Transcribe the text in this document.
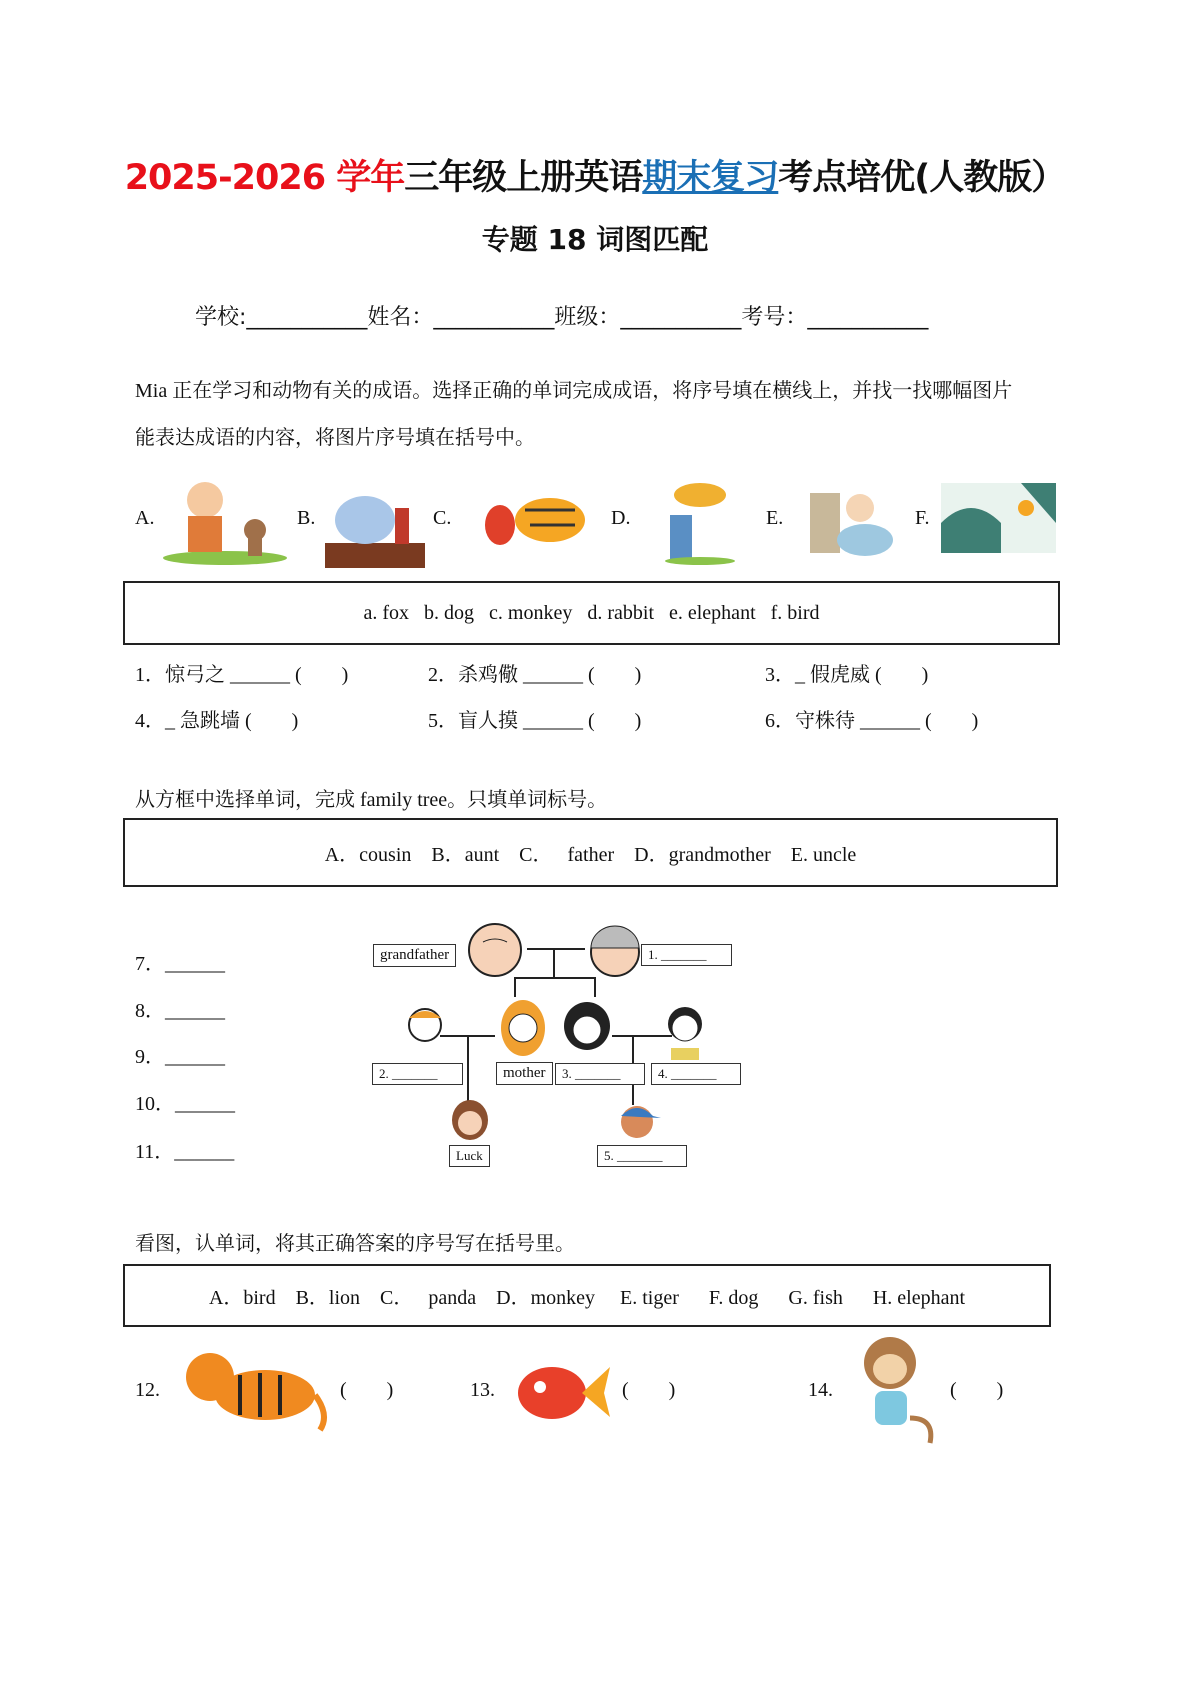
2025-2026 学年三年级上册英语期末复习考点培优(人教版）
专题 18 词图匹配
学校:___________姓名：___________班级：___________考号：___________
Mia 正在学习和动物有关的成语。选择正确的单词完成成语，将序号填在横线上，并找一找哪幅图片
能表达成语的内容，将图片序号填在括号中。
A.	B.	C.	D.	E.	F.
a. fox   b. dog   c. monkey   d. rabbit   e. elephant   f. bird
1．惊弓之 ______ (        )	2．杀鸡儆 ______ (        )	3．_ 假虎威 (        )
4．_ 急跳墙 (        )	5．盲人摸 ______ (        )	6．守株待 ______ (        )
从方框中选择单词，完成 family tree。只填单词标号。
A．cousin    B．aunt    C．   father    D．grandmother    E. uncle
7．______
8．______
9．______
10．______
11．______
grandfather	1. _______
2. _______	mother	3. _______	4. _______
Luck	5. _______
看图，认单词，将其正确答案的序号写在括号里。
A．bird    B．lion    C．   panda    D．monkey     E. tiger      F. dog      G. fish      H. elephant
12.	(        )	13.	(        )	14.	(        )
